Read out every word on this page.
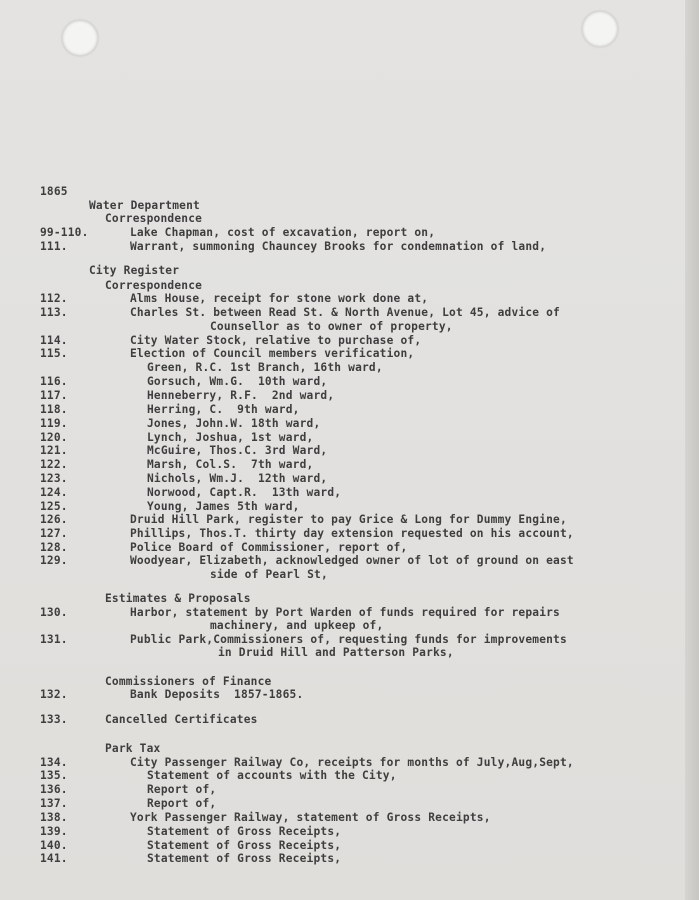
1865
Water Department
Correspondence
99-110.	Lake Chapman, cost of excavation, report on,
111.	Warrant, summoning Chauncey Brooks for condemnation of land,
City Register
Correspondence
112.	Alms House, receipt for stone work done at,
113.	Charles St. between Read St. & North Avenue, Lot 45, advice of
Counsellor as to owner of property,
114.	City Water Stock, relative to purchase of,
115.	Election of Council members verification,
Green, R.C. 1st Branch, 16th ward,
116.	Gorsuch, Wm.G.  10th ward,
117.	Henneberry, R.F.  2nd ward,
118.	Herring, C.  9th ward,
119.	Jones, John.W. 18th ward,
120.	Lynch, Joshua, 1st ward,
121.	McGuire, Thos.C. 3rd Ward,
122.	Marsh, Col.S.  7th ward,
123.	Nichols, Wm.J.  12th ward,
124.	Norwood, Capt.R.  13th ward,
125.	Young, James 5th ward,
126.	Druid Hill Park, register to pay Grice & Long for Dummy Engine,
127.	Phillips, Thos.T. thirty day extension requested on his account,
128.	Police Board of Commissioner, report of,
129.	Woodyear, Elizabeth, acknowledged owner of lot of ground on east
side of Pearl St,
Estimates & Proposals
130.	Harbor, statement by Port Warden of funds required for repairs
machinery, and upkeep of,
131.	Public Park,Commissioners of, requesting funds for improvements
in Druid Hill and Patterson Parks,
Commissioners of Finance
132.	Bank Deposits  1857-1865.
133.	Cancelled Certificates
Park Tax
134.	City Passenger Railway Co, receipts for months of July,Aug,Sept,
135.	Statement of accounts with the City,
136.	Report of,
137.	Report of,
138.	York Passenger Railway, statement of Gross Receipts,
139.	Statement of Gross Receipts,
140.	Statement of Gross Receipts,
141.	Statement of Gross Receipts,
